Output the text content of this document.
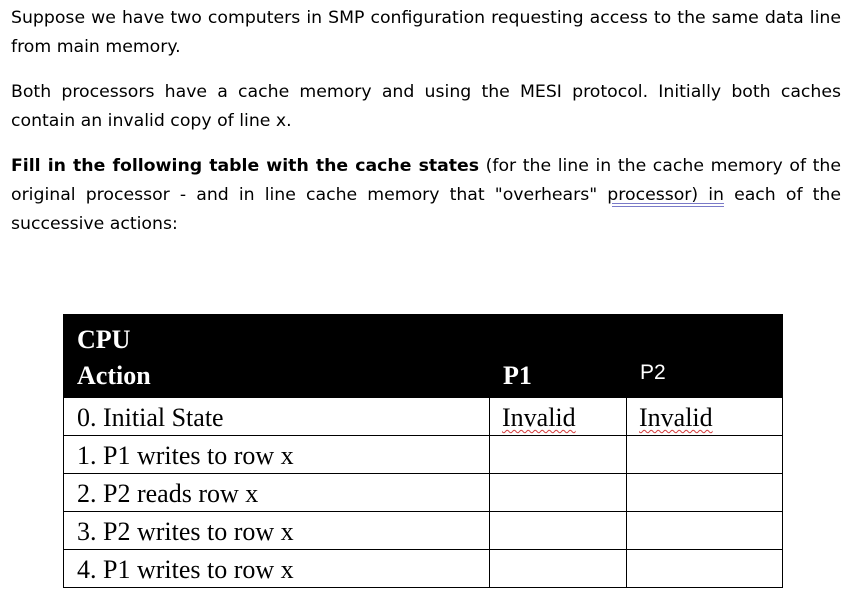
Suppose we have two computers in SMP configuration requesting access to the same data line from main memory.

Both processors have a cache memory and using the MESI protocol. Initially both caches contain an invalid copy of line x.

Fill in the following table with the cache states (for the line in the cache memory of the original processor - and in line cache memory that "overhears" processor) in each of the successive actions:

CPU
Action	P1	P2
0. Initial State	Invalid	Invalid
1. P1 writes to row x		
2. P2 reads row x		
3. P2 writes to row x		
4. P1 writes to row x		
